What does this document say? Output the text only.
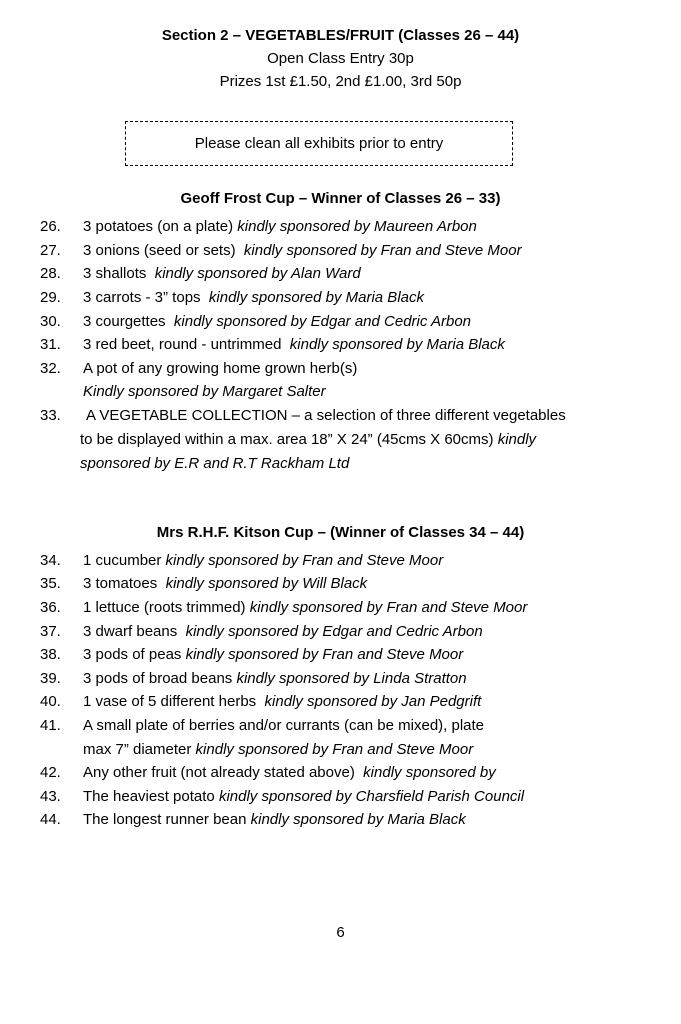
Section 2 – VEGETABLES/FRUIT (Classes 26 – 44)
Open Class Entry 30p
Prizes 1st £1.50, 2nd £1.00, 3rd 50p
Please clean all exhibits prior to entry
Geoff Frost Cup – Winner of Classes 26 – 33)
26.	3 potatoes (on a plate) kindly sponsored by Maureen Arbon
27.	3 onions (seed or sets) kindly sponsored by Fran and Steve Moor
28.	3 shallots kindly sponsored by Alan Ward
29.	3 carrots - 3” tops kindly sponsored by Maria Black
30.	3 courgettes kindly sponsored by Edgar and Cedric Arbon
31.	3 red beet, round - untrimmed kindly sponsored by Maria Black
32.	A pot of any growing home grown herb(s)
Kindly sponsored by Margaret Salter
33.	A VEGETABLE COLLECTION – a selection of three different vegetables
to be displayed within a max. area 18” X 24” (45cms X 60cms) kindly
sponsored by E.R and R.T Rackham Ltd
Mrs R.H.F. Kitson Cup – (Winner of Classes 34 – 44)
34.	1 cucumber kindly sponsored by Fran and Steve Moor
35.	3 tomatoes kindly sponsored by Will Black
36.	1 lettuce (roots trimmed) kindly sponsored by Fran and Steve Moor
37.	3 dwarf beans kindly sponsored by Edgar and Cedric Arbon
38.	3 pods of peas kindly sponsored by Fran and Steve Moor
39.	3 pods of broad beans kindly sponsored by Linda Stratton
40.	1 vase of 5 different herbs kindly sponsored by Jan Pedgrift
41.	A small plate of berries and/or currants (can be mixed), plate
max 7” diameter kindly sponsored by Fran and Steve Moor
42.	Any other fruit (not already stated above) kindly sponsored by
43.	The heaviest potato kindly sponsored by Charsfield Parish Council
44.	The longest runner bean kindly sponsored by Maria Black
6
